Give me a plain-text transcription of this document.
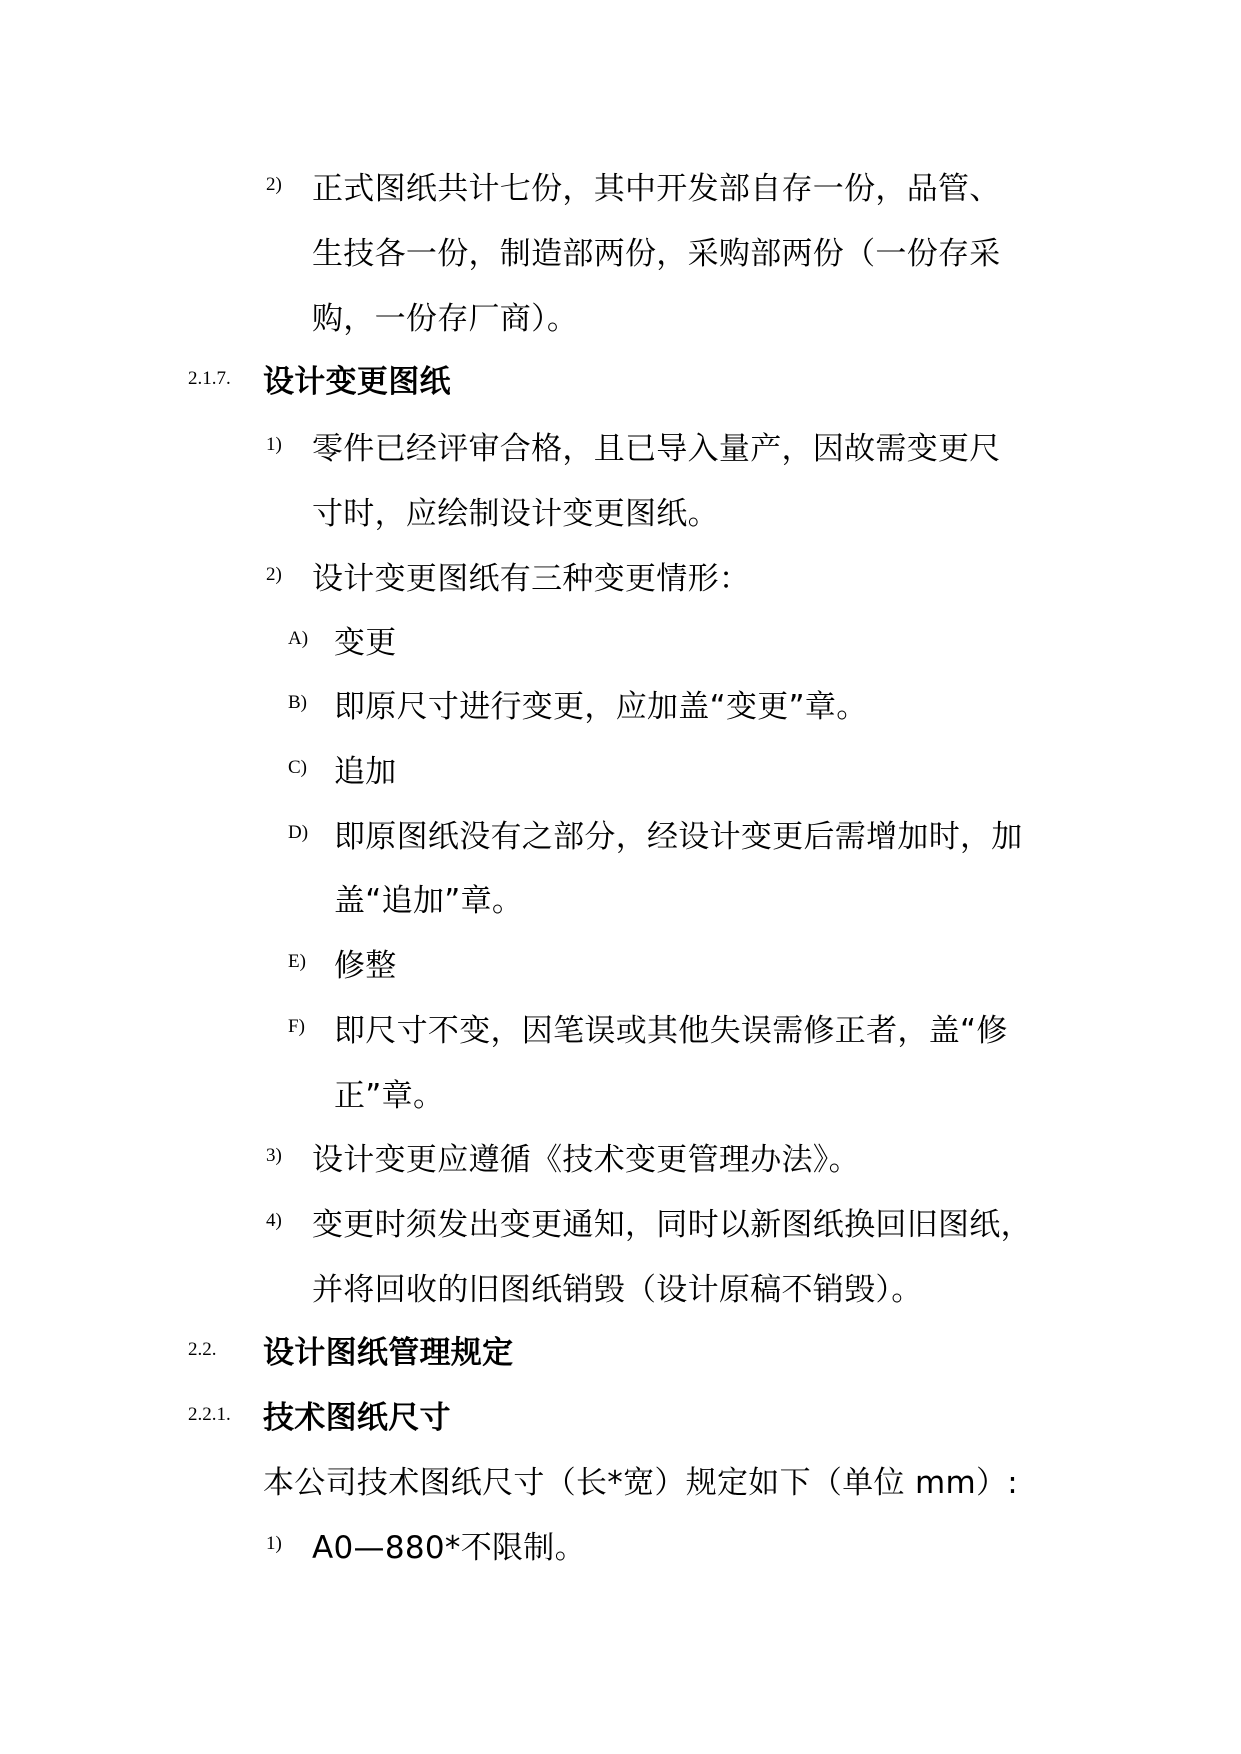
2) 正式图纸共计七份，其中开发部自存一份，品管、
生技各一份，制造部两份，采购部两份（一份存采
购，一份存厂商）。
2.1.7. 设计变更图纸
1) 零件已经评审合格，且已导入量产，因故需变更尺
寸时，应绘制设计变更图纸。
2) 设计变更图纸有三种变更情形：
A) 变更
B) 即原尺寸进行变更，应加盖“变更”章。
C) 追加
D) 即原图纸没有之部分，经设计变更后需增加时，加
盖“追加”章。
E) 修整
F) 即尺寸不变，因笔误或其他失误需修正者，盖“修
正”章。
3) 设计变更应遵循《技术变更管理办法》。
4) 变更时须发出变更通知，同时以新图纸换回旧图纸，
并将回收的旧图纸销毁（设计原稿不销毁）。
2.2. 设计图纸管理规定
2.2.1. 技术图纸尺寸
本公司技术图纸尺寸（长*宽）规定如下（单位 mm）:
1) A0—880*不限制。
